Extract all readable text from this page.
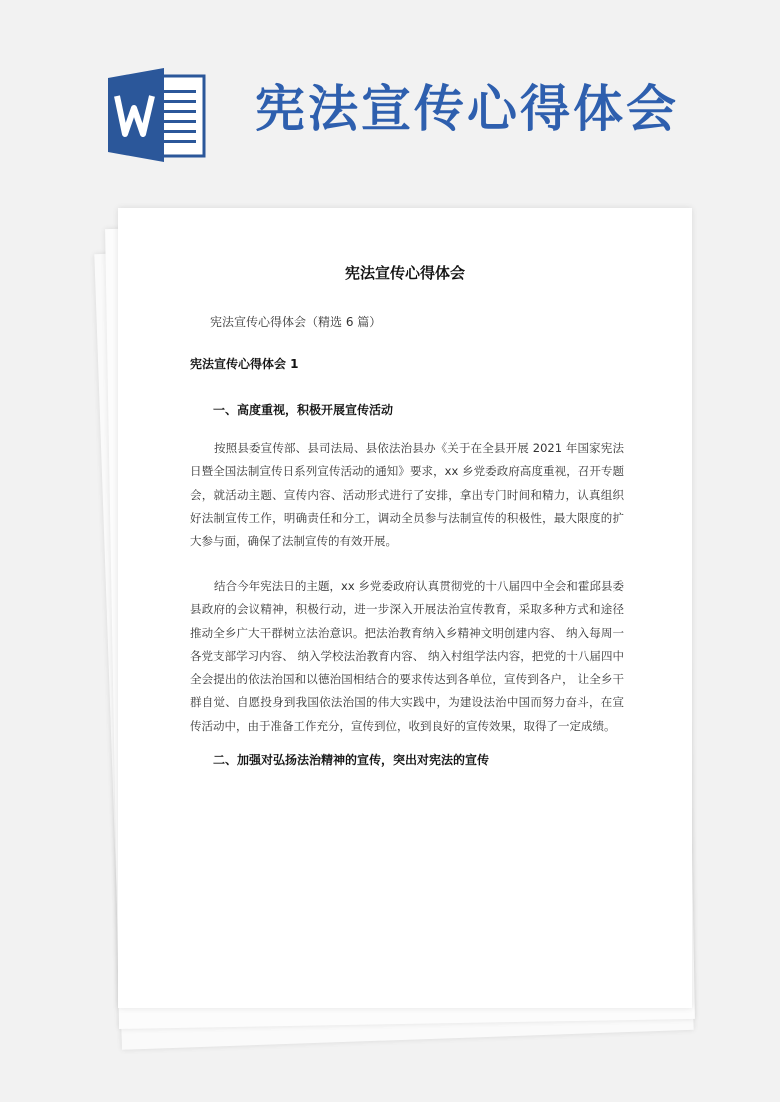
宪法宣传心得体会
宪法宣传心得体会
宪法宣传心得体会（精选 6 篇）
宪法宣传心得体会 1
一、高度重视，积极开展宣传活动

按照县委宣传部、县司法局、县依法治县办《关于在全县开展 2021 年国家宪法日暨全国法制宣传日系列宣传活动的通知》要求，xx 乡党委政府高度重视，召开专题会，就活动主题、宣传内容、活动形式进行了安排，拿出专门时间和精力，认真组织好法制宣传工作，明确责任和分工，调动全员参与法制宣传的积极性，最大限度的扩大参与面，确保了法制宣传的有效开展。

结合今年宪法日的主题，xx 乡党委政府认真贯彻党的十八届四中全会和霍邱县委县政府的会议精神，积极行动，进一步深入开展法治宣传教育，采取多种方式和途径推动全乡广大干群树立法治意识。把法治教育纳入乡精神文明创建内容、 纳入每周一各党支部学习内容、 纳入学校法治教育内容、 纳入村组学法内容，把党的十八届四中全会提出的依法治国和以德治国相结合的要求传达到各单位，宣传到各户， 让全乡干群自觉、自愿投身到我国依法治国的伟大实践中，为建设法治中国而努力奋斗，在宣传活动中，由于准备工作充分，宣传到位，收到良好的宣传效果，取得了一定成绩。

二、加强对弘扬法治精神的宣传，突出对宪法的宣传
